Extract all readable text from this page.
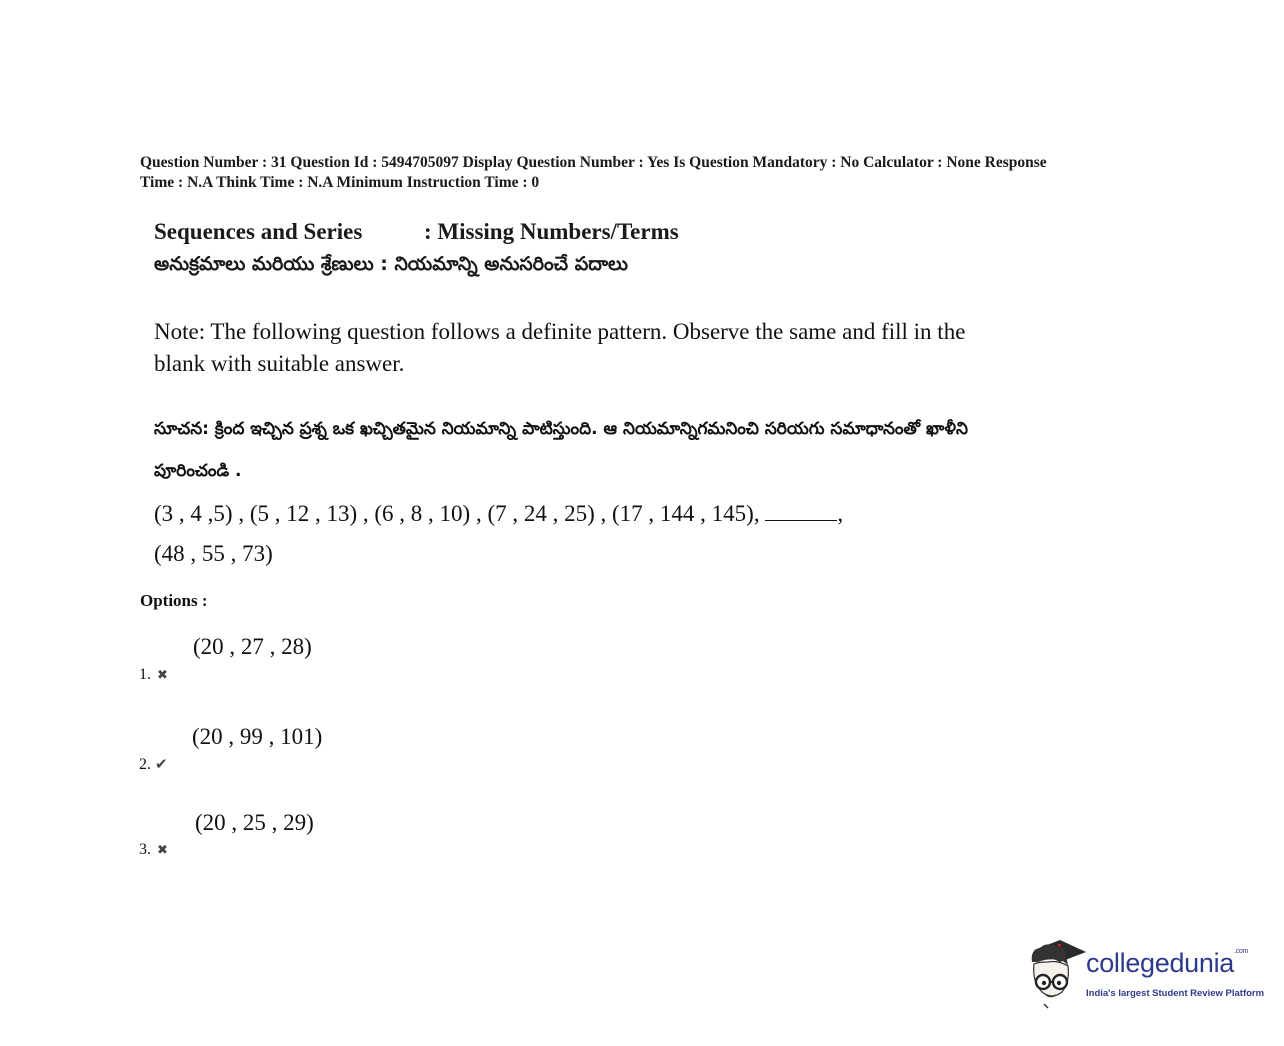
Question Number : 31 Question Id : 5494705097 Display Question Number : Yes Is Question Mandatory : No Calculator : None Response
Time : N.A Think Time : N.A Minimum Instruction Time : 0
Sequences and Series	: Missing Numbers/Terms
అనుక్రమాలు మరియు శ్రేణులు : నియమాన్ని అనుసరించే పదాలు
Note: The following question follows a definite pattern. Observe the same and fill in the blank with suitable answer.
సూచన: క్రింద ఇచ్చిన ప్రశ్న ఒక ఖచ్చితమైన నియమాన్ని పాటిస్తుంది. ఆ నియమాన్నిగమనించి సరియగు సమాధానంతో ఖాళీని పూరించండి .
(3 , 4 ,5) , (5 , 12 , 13) , (6 , 8 , 10) , (7 , 24 , 25) , (17 , 144 , 145),	,
(48 , 55 , 73)
Options :
(20 , 27 , 28)
1. ✖
(20 , 99 , 101)
2. ✔
(20 , 25 , 29)
3. ✖
collegedunia$^{.com}$
India's largest Student Review Platform
